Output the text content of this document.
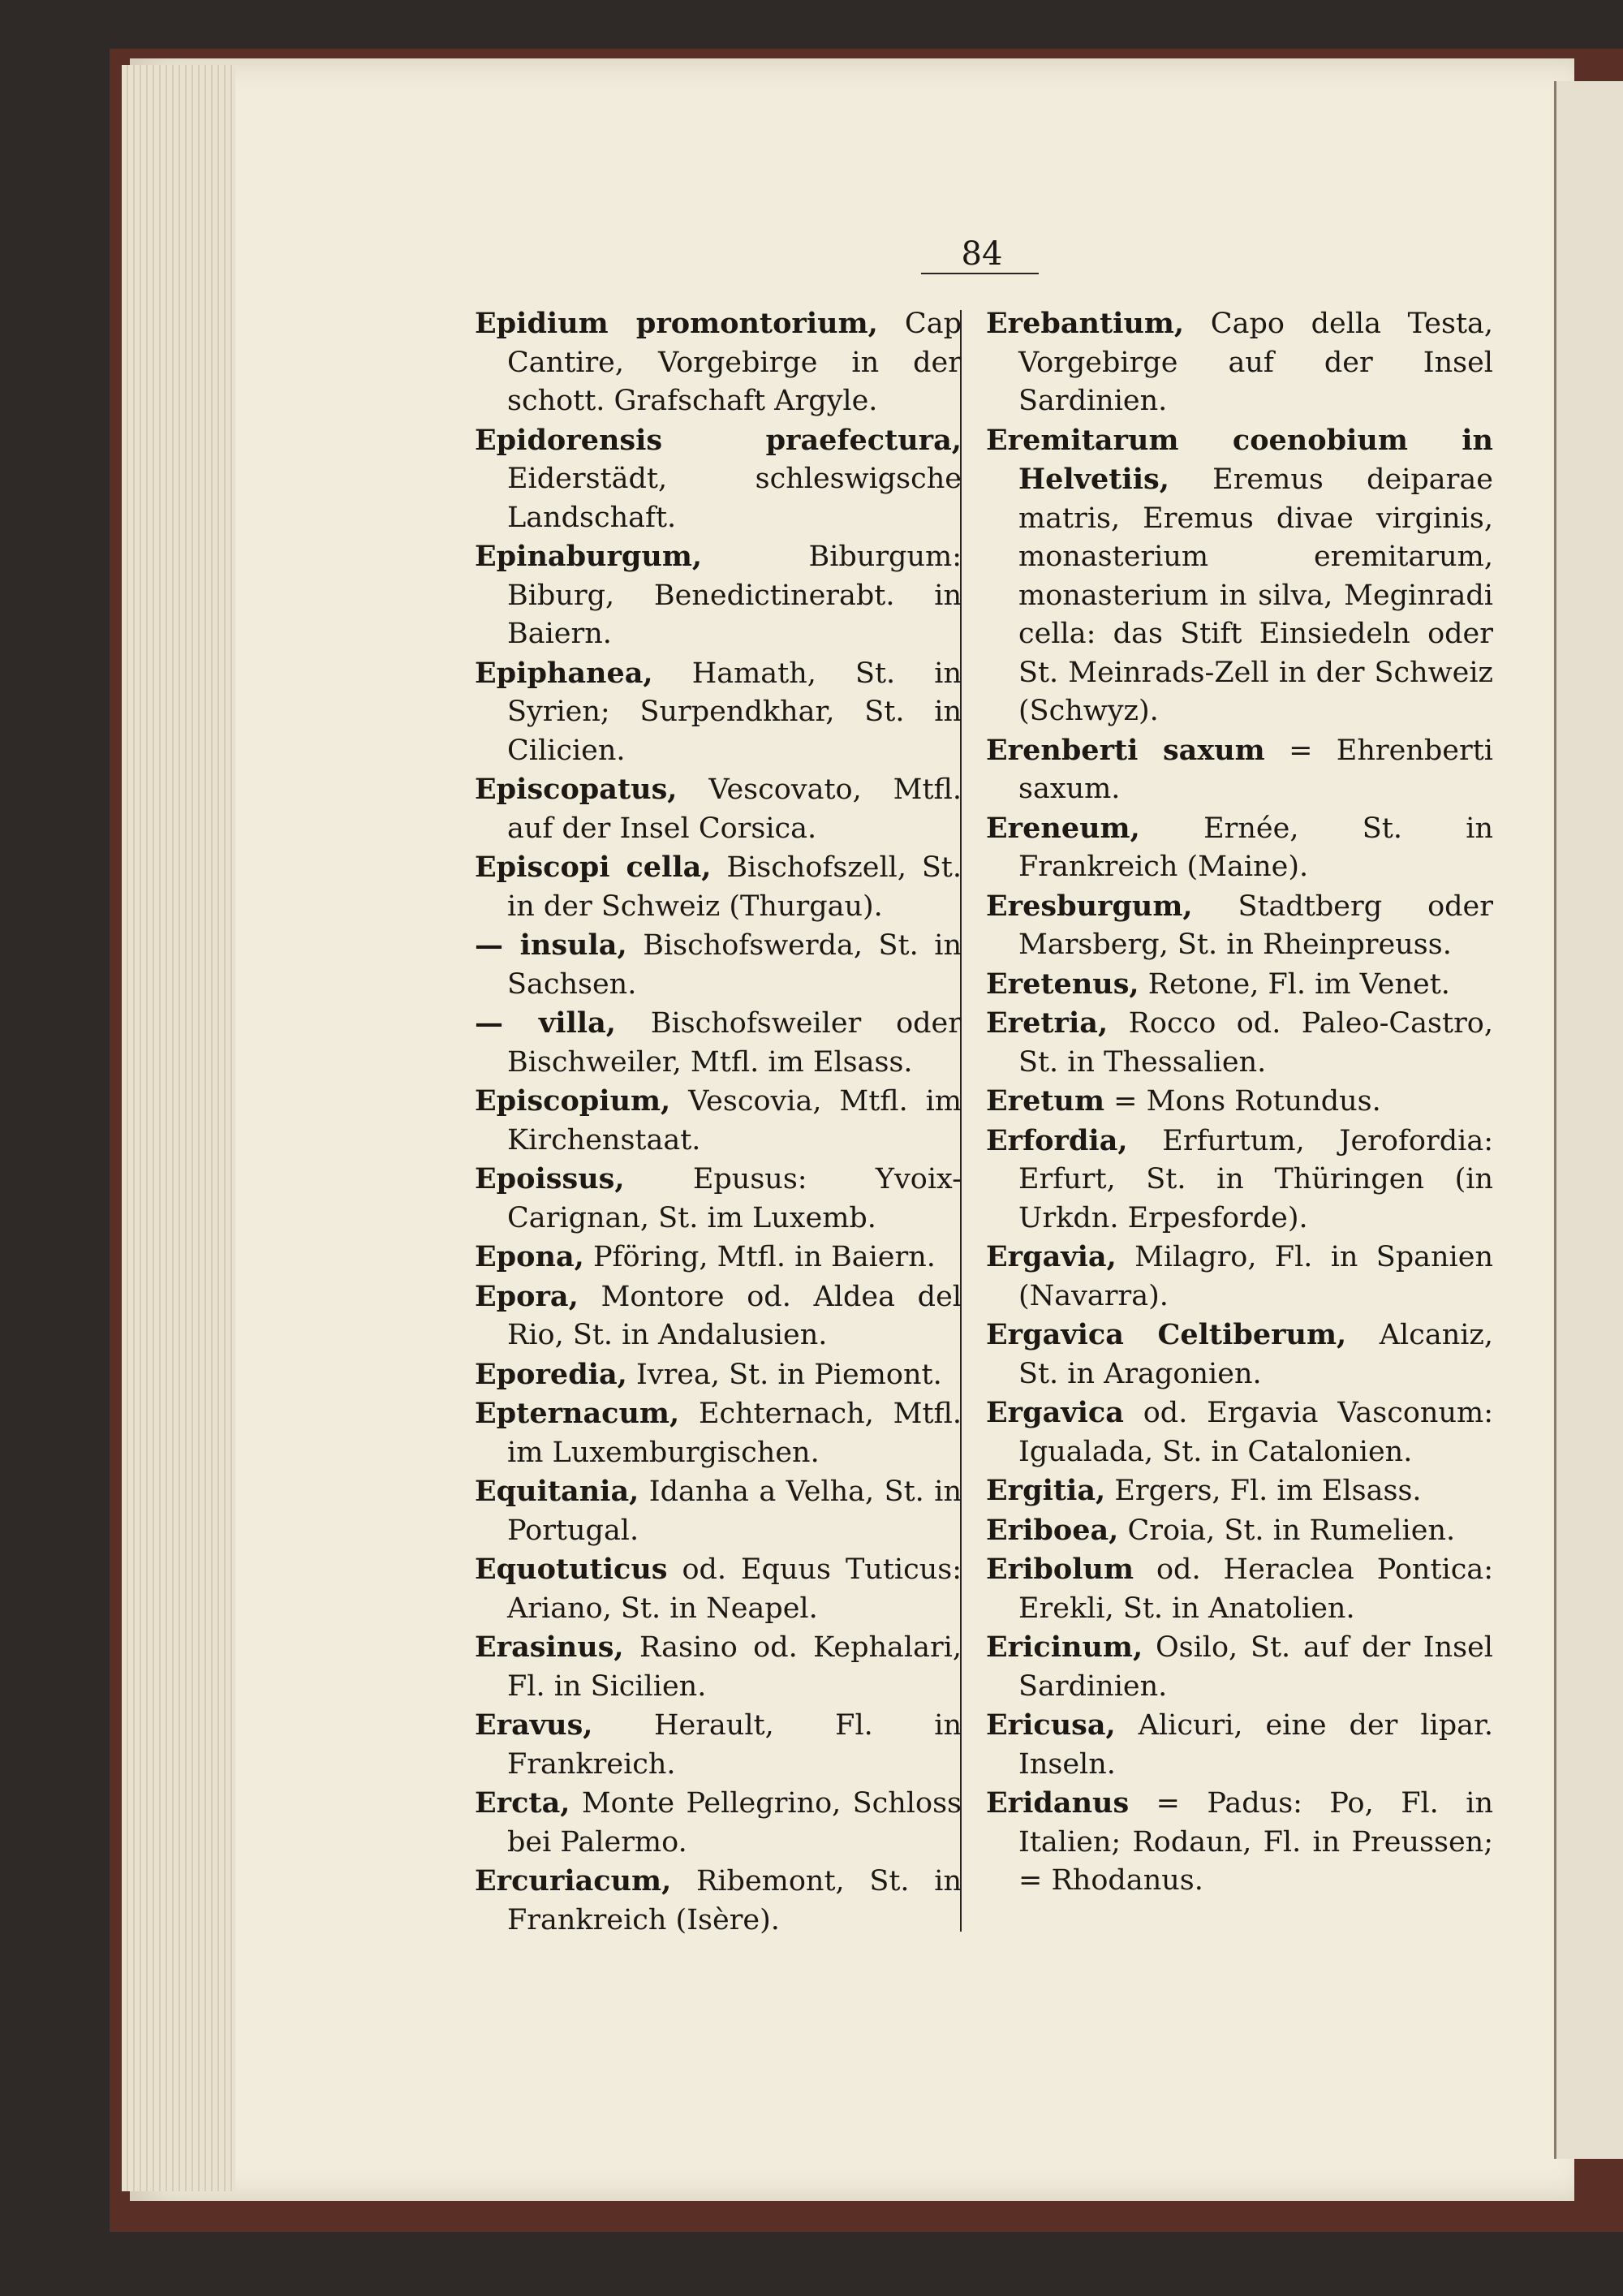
84
Epidium promontorium, Cap Cantire, Vorgebirge in der schott. Grafschaft Argyle.
Epidorensis praefectura, Eiderstädt, schleswigsche Landschaft.
Epinaburgum, Biburgum: Biburg, Benedictinerabt. in Baiern.
Epiphanea, Hamath, St. in Syrien; Surpendkhar, St. in Cilicien.
Episcopatus, Vescovato, Mtfl. auf der Insel Corsica.
Episcopi cella, Bischofszell, St. in der Schweiz (Thurgau).
— insula, Bischofswerda, St. in Sachsen.
— villa, Bischofsweiler oder Bischweiler, Mtfl. im Elsass.
Episcopium, Vescovia, Mtfl. im Kirchenstaat.
Epoissus, Epusus: Yvoix-Carignan, St. im Luxemb.
Epona, Pföring, Mtfl. in Baiern.
Epora, Montore od. Aldea del Rio, St. in Andalusien.
Eporedia, Ivrea, St. in Piemont.
Epternacum, Echternach, Mtfl. im Luxemburgischen.
Equitania, Idanha a Velha, St. in Portugal.
Equotuticus od. Equus Tuticus: Ariano, St. in Neapel.
Erasinus, Rasino od. Kephalari, Fl. in Sicilien.
Eravus, Herault, Fl. in Frankreich.
Ercta, Monte Pellegrino, Schloss bei Palermo.
Ercuriacum, Ribemont, St. in Frankreich (Isère).
Erebantium, Capo della Testa, Vorgebirge auf der Insel Sardinien.
Eremitarum coenobium in Helvetiis, Eremus deiparae matris, Eremus divae virginis, monasterium eremitarum, monasterium in silva, Meginradi cella: das Stift Einsiedeln oder St. Meinrads-Zell in der Schweiz (Schwyz).
Erenberti saxum = Ehrenberti saxum.
Ereneum, Ernée, St. in Frankreich (Maine).
Eresburgum, Stadtberg oder Marsberg, St. in Rheinpreuss.
Eretenus, Retone, Fl. im Venet.
Eretria, Rocco od. Paleo-Castro, St. in Thessalien.
Eretum = Mons Rotundus.
Erfordia, Erfurtum, Jerofordia: Erfurt, St. in Thüringen (in Urkdn. Erpesforde).
Ergavia, Milagro, Fl. in Spanien (Navarra).
Ergavica Celtiberum, Alcaniz, St. in Aragonien.
Ergavica od. Ergavia Vasconum: Igualada, St. in Catalonien.
Ergitia, Ergers, Fl. im Elsass.
Eriboea, Croia, St. in Rumelien.
Eribolum od. Heraclea Pontica: Erekli, St. in Anatolien.
Ericinum, Osilo, St. auf der Insel Sardinien.
Ericusa, Alicuri, eine der lipar. Inseln.
Eridanus = Padus: Po, Fl. in Italien; Rodaun, Fl. in Preussen; = Rhodanus.
